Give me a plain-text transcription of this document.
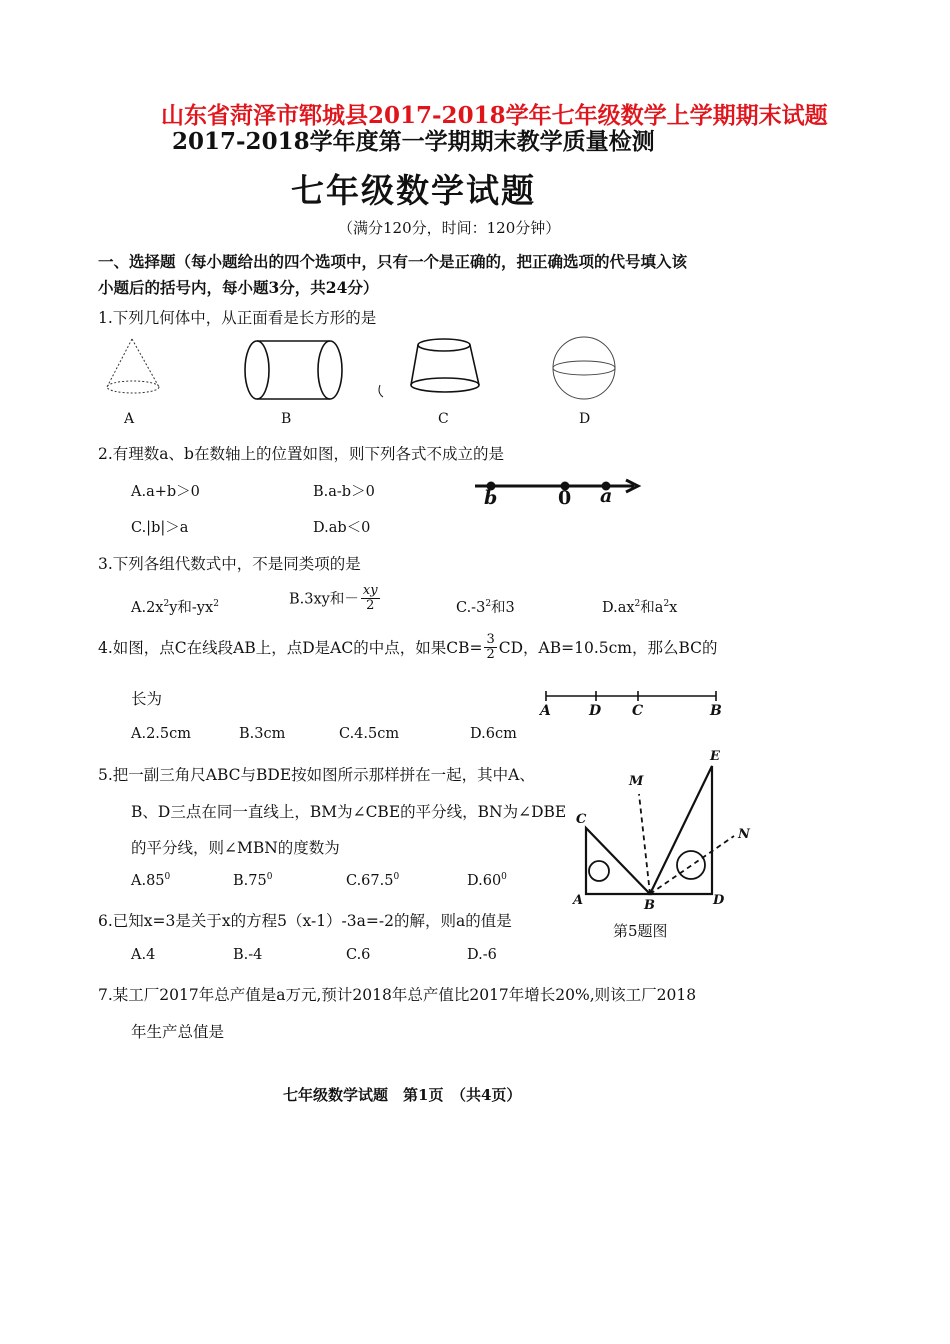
山东省菏泽市郓城县2017-2018学年七年级数学上学期期末试题
2017-2018学年度第一学期期末教学质量检测
七年级数学试题
（满分120分，时间：120分钟）
一、选择题（每小题给出的四个选项中，只有一个是正确的，把正确选项的代号填入该
小题后的括号内，每小题3分，共24分）
1.下列几何体中，从正面看是长方形的是
A	B	C	D
2.有理数a、b在数轴上的位置如图，则下列各式不成立的是
A.a+b＞0	B.a-b＞0
C.|b|＞a	D.ab＜0
b	0 a
3.下列各组代数式中，不是同类项的是
$A.2x^2y$和$-yx^2$	B.3xy和－ $\frac{xy}{2}$	$C.-3^2$和3	$D.ax^2$和$a^2x$
4.如图，点C在线段AB上，点D是AC的中点，如果$CB= \frac{3}{2}$ CD，AB=10.5cm，那么BC的
长为
A	D C	B
A.2.5cm	B.3cm	C.4.5cm	D.6cm
5.把一副三角尺ABC与BDE按如图所示那样拼在一起，其中A、
B、D三点在同一直线上，BM为∠CBE的平分线，BN为∠DBE
的平分线，则∠MBN的度数为
$A.85^0$	$B.75^0$	C.67.5$^0$	$D.60^0$
E
M
C
N
A	B	D
第5题图
6.已知x=3是关于x的方程5（x-1）-3a=-2的解，则a的值是
A.4	B.-4	C.6	D.-6
7.某工厂2017年总产值是a万元,预计2018年总产值比2017年增长20%,则该工厂2018
年生产总值是
七年级数学试题　第1页　（共4页）
